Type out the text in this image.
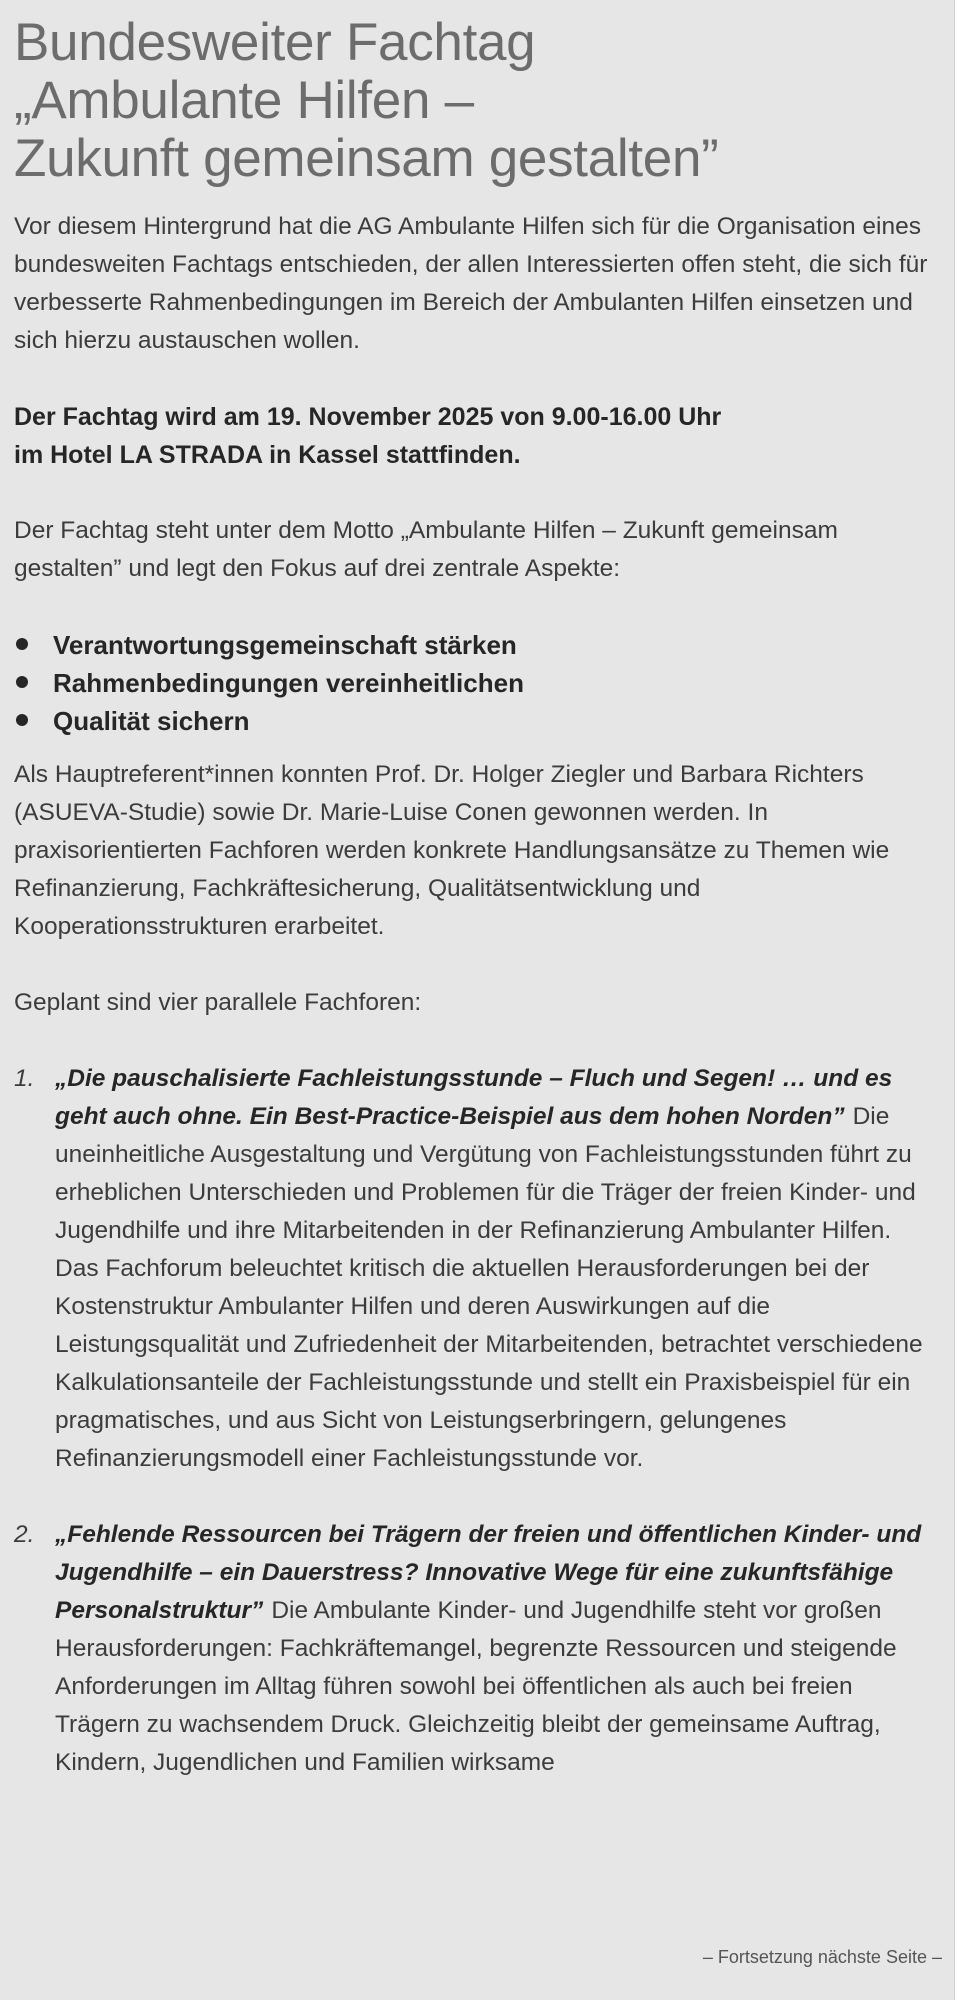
Bundesweiter Fachtag
„Ambulante Hilfen –
Zukunft gemeinsam gestalten”

Vor diesem Hintergrund hat die AG Ambulante Hilfen sich für die Organisation eines bundesweiten Fachtags entschieden, der allen Interessierten offen steht, die sich für verbesserte Rahmenbedingungen im Bereich der Ambulanten Hilfen einsetzen und sich hierzu austauschen wollen.

Der Fachtag wird am 19. November 2025 von 9.00-16.00 Uhr
im Hotel LA STRADA in Kassel stattfinden.

Der Fachtag steht unter dem Motto „Ambulante Hilfen – Zukunft gemeinsam gestalten” und legt den Fokus auf drei zentrale Aspekte:

Verantwortungsgemeinschaft stärken
Rahmenbedingungen vereinheitlichen
Qualität sichern

Als Hauptreferent*innen konnten Prof. Dr. Holger Ziegler und Barbara Richters (ASUEVA-Studie) sowie Dr. Marie-Luise Conen gewonnen werden. In praxisorientierten Fachforen werden konkrete Handlungsansätze zu Themen wie Refinanzierung, Fachkräftesicherung, Qualitätsentwicklung und Kooperationsstrukturen erarbeitet.

Geplant sind vier parallele Fachforen:

1. „Die pauschalisierte Fachleistungsstunde – Fluch und Segen! … und es geht auch ohne. Ein Best-Practice-Beispiel aus dem hohen Norden” Die uneinheitliche Ausgestaltung und Vergütung von Fachleistungsstunden führt zu erheblichen Unterschieden und Problemen für die Träger der freien Kinder- und Jugendhilfe und ihre Mitarbeitenden in der Refinanzierung Ambulanter Hilfen. Das Fachforum beleuchtet kritisch die aktuellen Herausforderungen bei der Kostenstruktur Ambulanter Hilfen und deren Auswirkungen auf die Leistungsqualität und Zufriedenheit der Mitarbeitenden, betrachtet verschiedene Kalkulationsanteile der Fachleistungsstunde und stellt ein Praxisbeispiel für ein pragmatisches, und aus Sicht von Leistungserbringern, gelungenes Refinanzierungsmodell einer Fachleistungsstunde vor.
2. „Fehlende Ressourcen bei Trägern der freien und öffentlichen Kinder- und Jugendhilfe – ein Dauerstress? Innovative Wege für eine zukunftsfähige Personalstruktur” Die Ambulante Kinder- und Jugendhilfe steht vor großen Herausforderungen: Fachkräftemangel, begrenzte Ressourcen und steigende Anforderungen im Alltag führen sowohl bei öffentlichen als auch bei freien Trägern zu wachsendem Druck. Gleichzeitig bleibt der gemeinsame Auftrag, Kindern, Jugendlichen und Familien wirksame
– Fortsetzung nächste Seite –
